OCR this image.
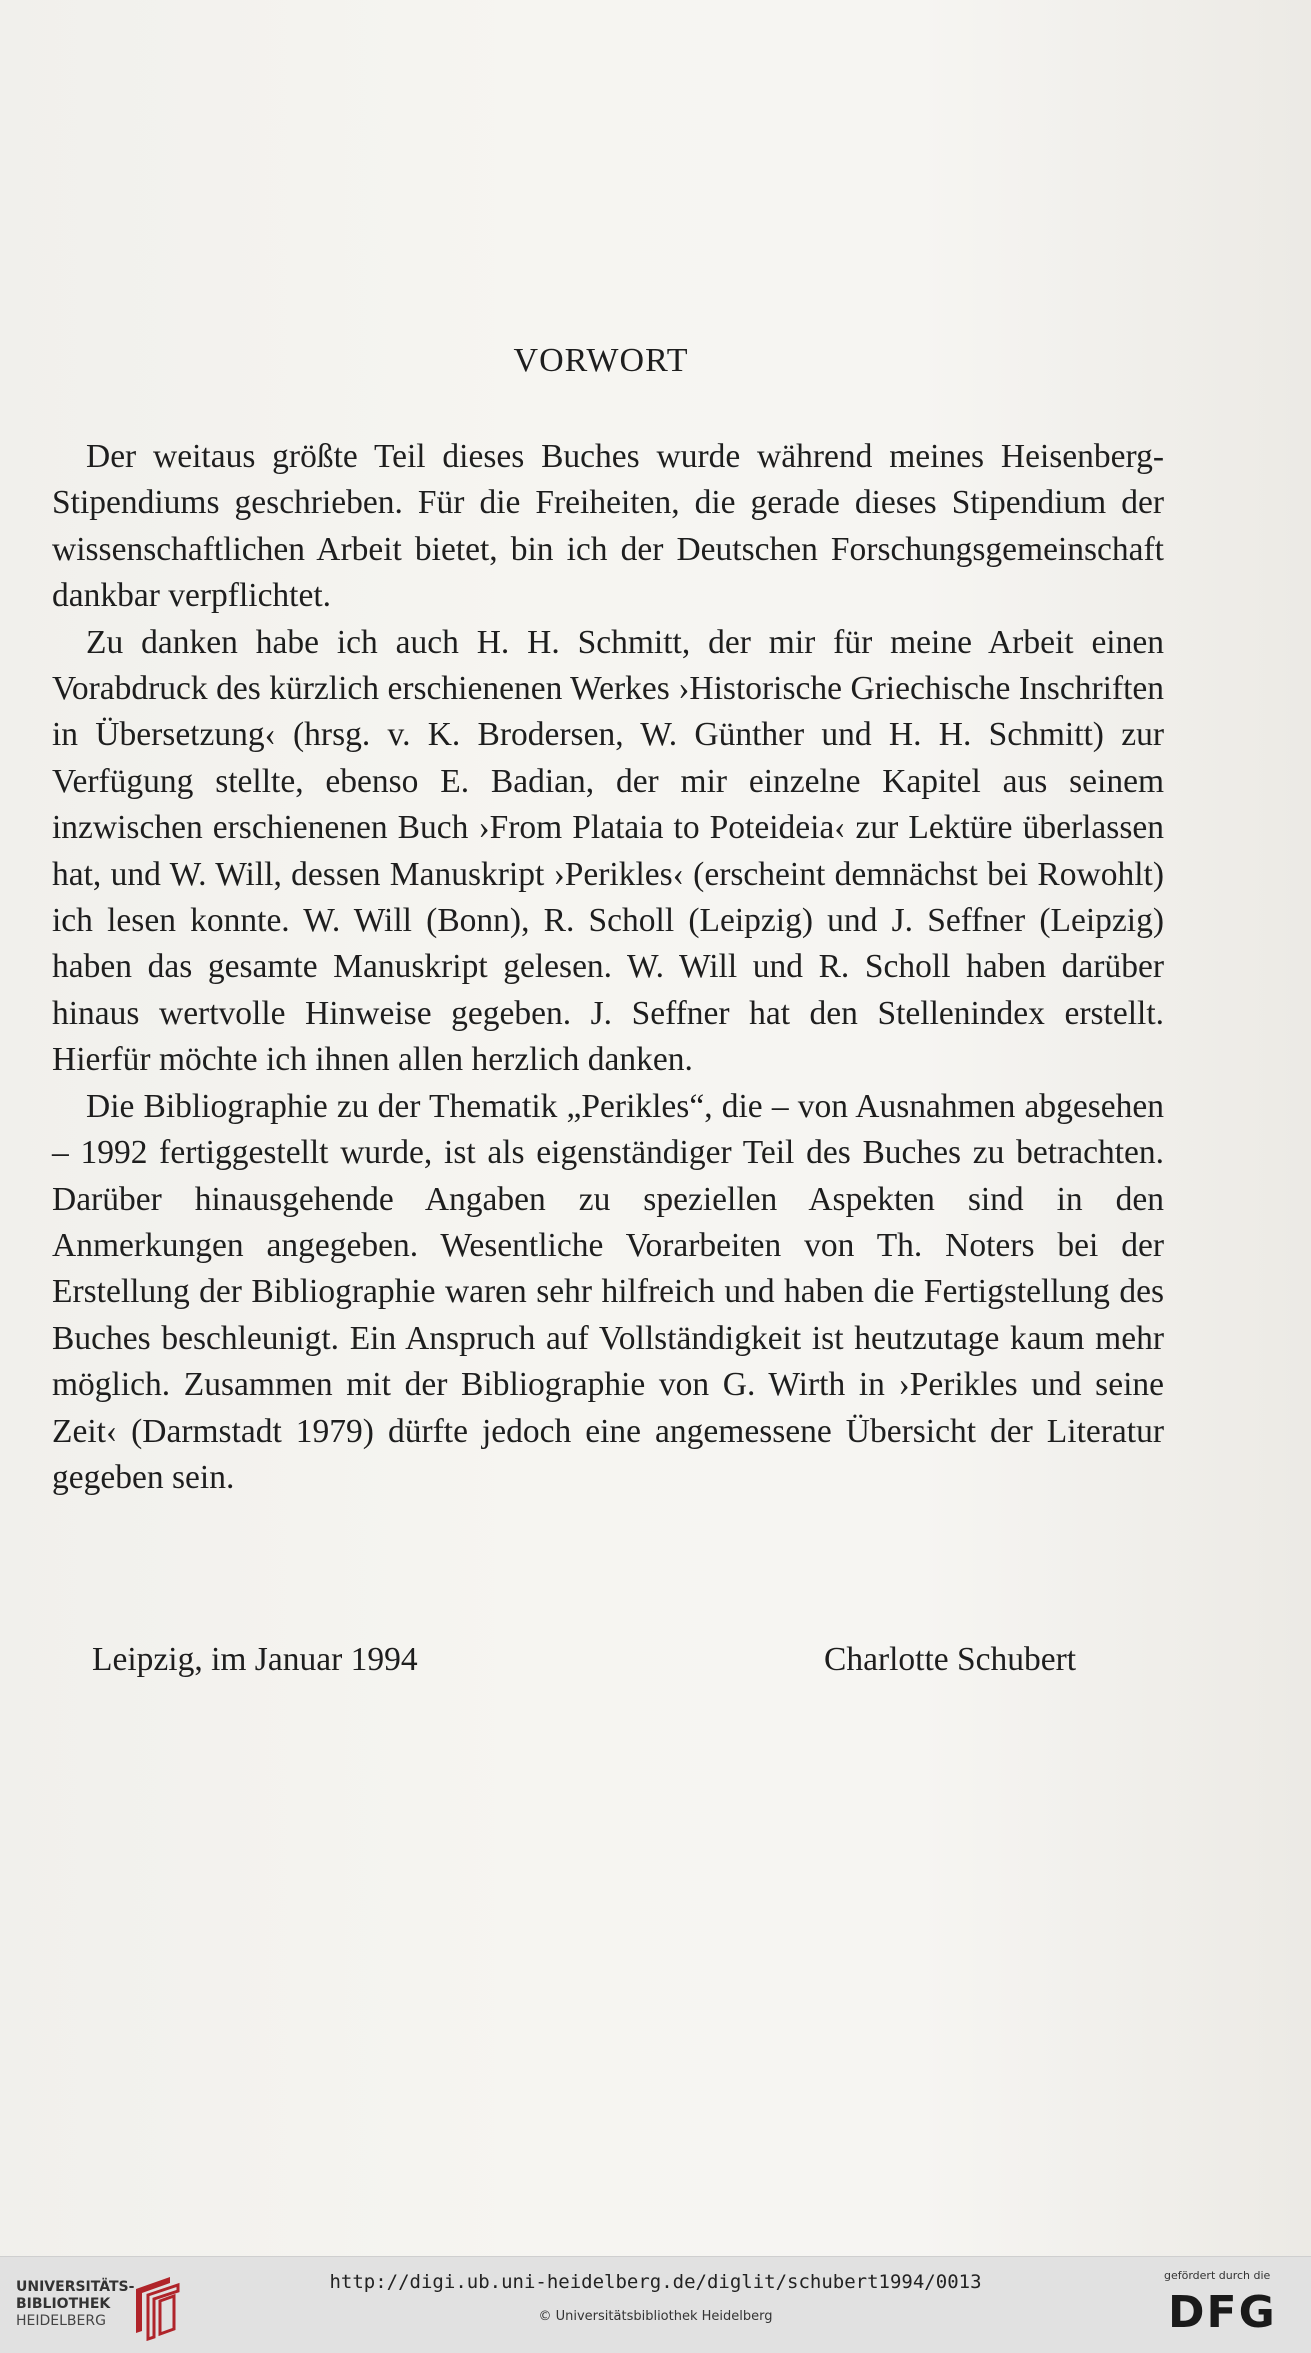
VORWORT

Der weitaus größte Teil dieses Buches wurde während meines Heisenberg-Stipendiums geschrieben. Für die Freiheiten, die gerade dieses Stipendium der wissenschaftlichen Arbeit bietet, bin ich der Deutschen Forschungsgemeinschaft dankbar verpflichtet.

Zu danken habe ich auch H. H. Schmitt, der mir für meine Arbeit einen Vorabdruck des kürzlich erschienenen Werkes ›Historische Griechische Inschriften in Übersetzung‹ (hrsg. v. K. Brodersen, W. Günther und H. H. Schmitt) zur Verfügung stellte, ebenso E. Badian, der mir einzelne Kapitel aus seinem inzwischen erschienenen Buch ›From Plataia to Poteideia‹ zur Lektüre überlassen hat, und W. Will, dessen Manuskript ›Perikles‹ (erscheint demnächst bei Rowohlt) ich lesen konnte. W. Will (Bonn), R. Scholl (Leipzig) und J. Seffner (Leipzig) haben das gesamte Manuskript gelesen. W. Will und R. Scholl haben darüber hinaus wertvolle Hinweise gegeben. J. Seffner hat den Stellenindex erstellt. Hierfür möchte ich ihnen allen herzlich danken.

Die Bibliographie zu der Thematik „Perikles“, die – von Ausnahmen abgesehen – 1992 fertiggestellt wurde, ist als eigenständiger Teil des Buches zu betrachten. Darüber hinausgehende Angaben zu speziellen Aspekten sind in den Anmerkungen angegeben. Wesentliche Vorarbeiten von Th. Noters bei der Erstellung der Bibliographie waren sehr hilfreich und haben die Fertigstellung des Buches beschleunigt. Ein Anspruch auf Vollständigkeit ist heutzutage kaum mehr möglich. Zusammen mit der Bibliographie von G. Wirth in ›Perikles und seine Zeit‹ (Darmstadt 1979) dürfte jedoch eine angemessene Übersicht der Literatur gegeben sein.

Leipzig, im Januar 1994	Charlotte Schubert
UNIVERSITÄTS-
BIBLIOTHEK
HEIDELBERG
http://digi.ub.uni-heidelberg.de/diglit/schubert1994/0013
© Universitätsbibliothek Heidelberg
gefördert durch die
DFG
